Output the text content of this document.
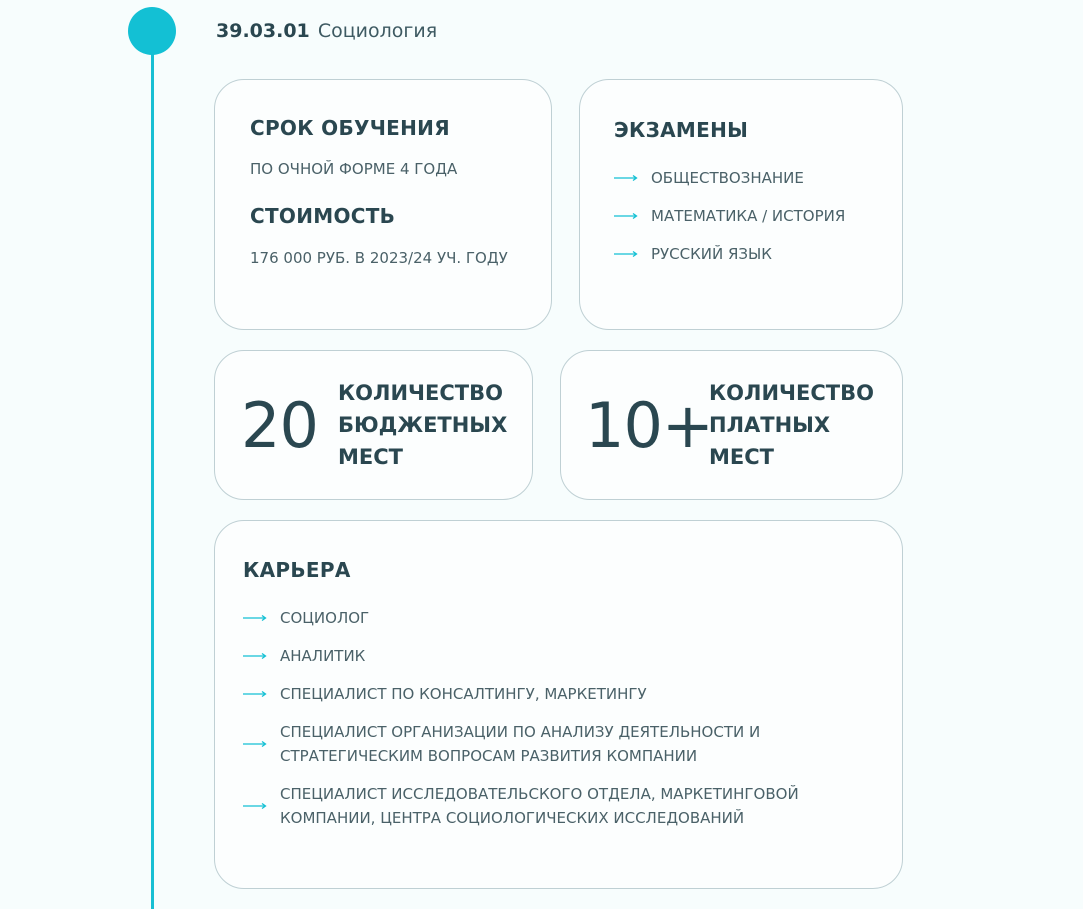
39.03.01 Социология
СРОК ОБУЧЕНИЯ
ПО ОЧНОЙ ФОРМЕ 4 ГОДА
СТОИМОСТЬ
176 000 РУБ. В 2023/24 УЧ. ГОДУ
ЭКЗАМЕНЫ
ОБЩЕСТВОЗНАНИЕ
МАТЕМАТИКА / ИСТОРИЯ
РУССКИЙ ЯЗЫК
20 КОЛИЧЕСТВО БЮДЖЕТНЫХ МЕСТ	10+
КОЛИЧЕСТВО ПЛАТНЫХ МЕСТ
КАРЬЕРА
СОЦИОЛОГ
АНАЛИТИК
СПЕЦИАЛИСТ ПО КОНСАЛТИНГУ, МАРКЕТИНГУ
СПЕЦИАЛИСТ ОРГАНИЗАЦИИ ПО АНАЛИЗУ ДЕЯТЕЛЬНОСТИ И СТРАТЕГИЧЕСКИМ ВОПРОСАМ РАЗВИТИЯ КОМПАНИИ
СПЕЦИАЛИСТ ИССЛЕДОВАТЕЛЬСКОГО ОТДЕЛА, МАРКЕТИНГОВОЙ КОМПАНИИ, ЦЕНТРА СОЦИОЛОГИЧЕСКИХ ИССЛЕДОВАНИЙ
